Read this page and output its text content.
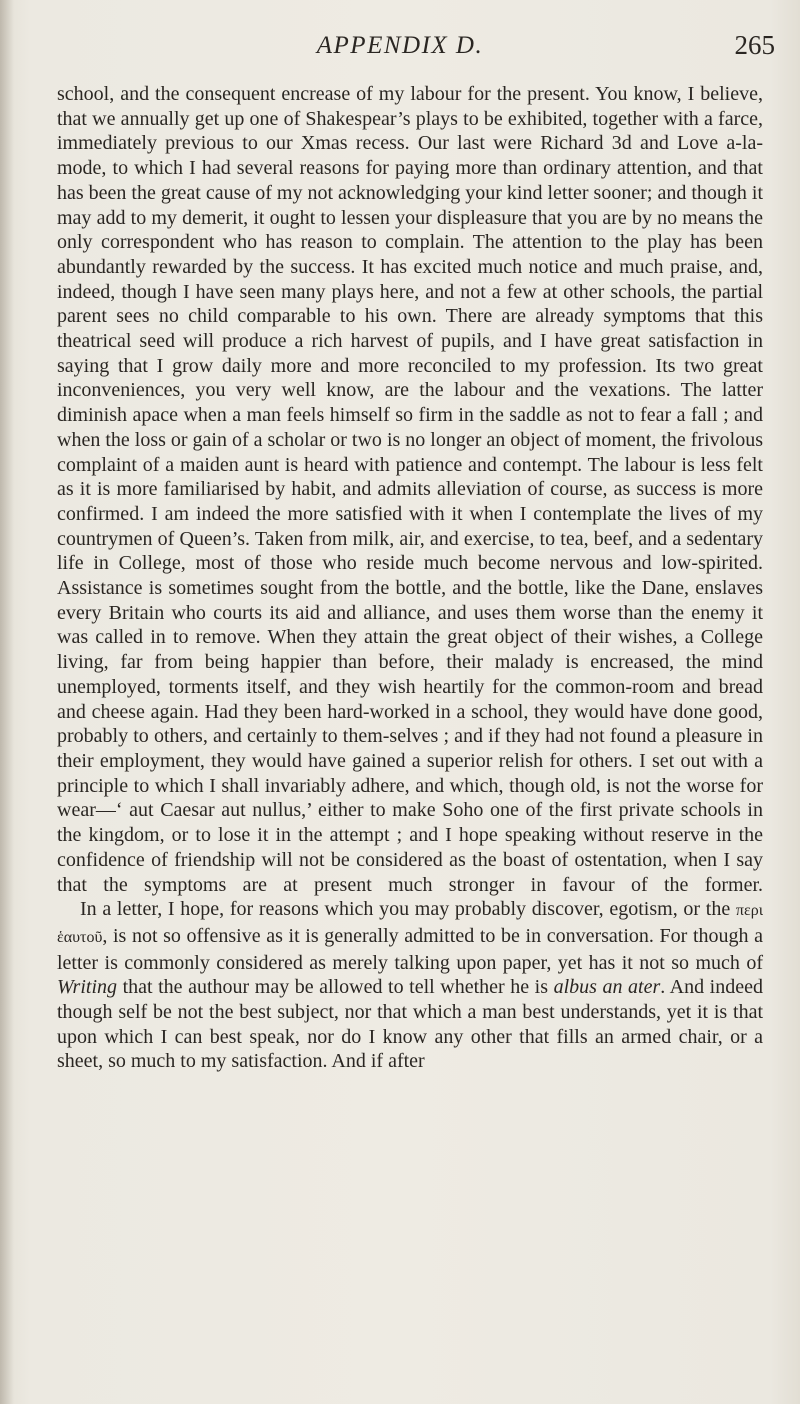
APPENDIX D.	265

school, and the consequent encrease of my labour for the present. You know, I believe, that we annually get up one of Shakespear’s plays to be exhibited, together with a farce, immediately previous to our Xmas recess. Our last were Richard 3d and Love a-la-mode, to which I had several reasons for paying more than ordinary attention, and that has been the great cause of my not acknowledging your kind letter sooner; and though it may add to my demerit, it ought to lessen your displeasure that you are by no means the only correspondent who has reason to complain. The attention to the play has been abundantly rewarded by the success. It has excited much notice and much praise, and, indeed, though I have seen many plays here, and not a few at other schools, the partial parent sees no child comparable to his own. There are already symptoms that this theatrical seed will produce a rich harvest of pupils, and I have great satisfaction in saying that I grow daily more and more reconciled to my profession. Its two great inconveniences, you very well know, are the labour and the vexations. The latter diminish apace when a man feels himself so firm in the saddle as not to fear a fall ; and when the loss or gain of a scholar or two is no longer an object of moment, the frivolous complaint of a maiden aunt is heard with patience and contempt. The labour is less felt as it is more familiarised by habit, and admits alleviation of course, as success is more confirmed. I am indeed the more satisfied with it when I contemplate the lives of my countrymen of Queen’s. Taken from milk, air, and exercise, to tea, beef, and a sedentary life in College, most of those who reside much become nervous and low-spirited. Assistance is sometimes sought from the bottle, and the bottle, like the Dane, enslaves every Britain who courts its aid and alliance, and uses them worse than the enemy it was called in to remove. When they attain the great object of their wishes, a College living, far from being happier than before, their malady is encreased, the mind unemployed, torments itself, and they wish heartily for the common-room and bread and cheese again. Had they been hard-worked in a school, they would have done good, probably to others, and certainly to them-selves ; and if they had not found a pleasure in their employment, they would have gained a superior relish for others. I set out with a principle to which I shall invariably adhere, and which, though old, is not the worse for wear—‘ aut Caesar aut nullus,’ either to make Soho one of the first private schools in the kingdom, or to lose it in the attempt ; and I hope speaking without reserve in the confidence of friendship will not be considered as the boast of ostentation, when I say that the symptoms are at present much stronger in favour of the former.

In a letter, I hope, for reasons which you may probably discover, egotism, or the περι ἑαυτοῦ, is not so offensive as it is generally admitted to be in conversation. For though a letter is commonly considered as merely talking upon paper, yet has it not so much of Writing that the authour may be allowed to tell whether he is albus an ater. And indeed though self be not the best subject, nor that which a man best understands, yet it is that upon which I can best speak, nor do I know any other that fills an armed chair, or a sheet, so much to my satisfaction. And if after
